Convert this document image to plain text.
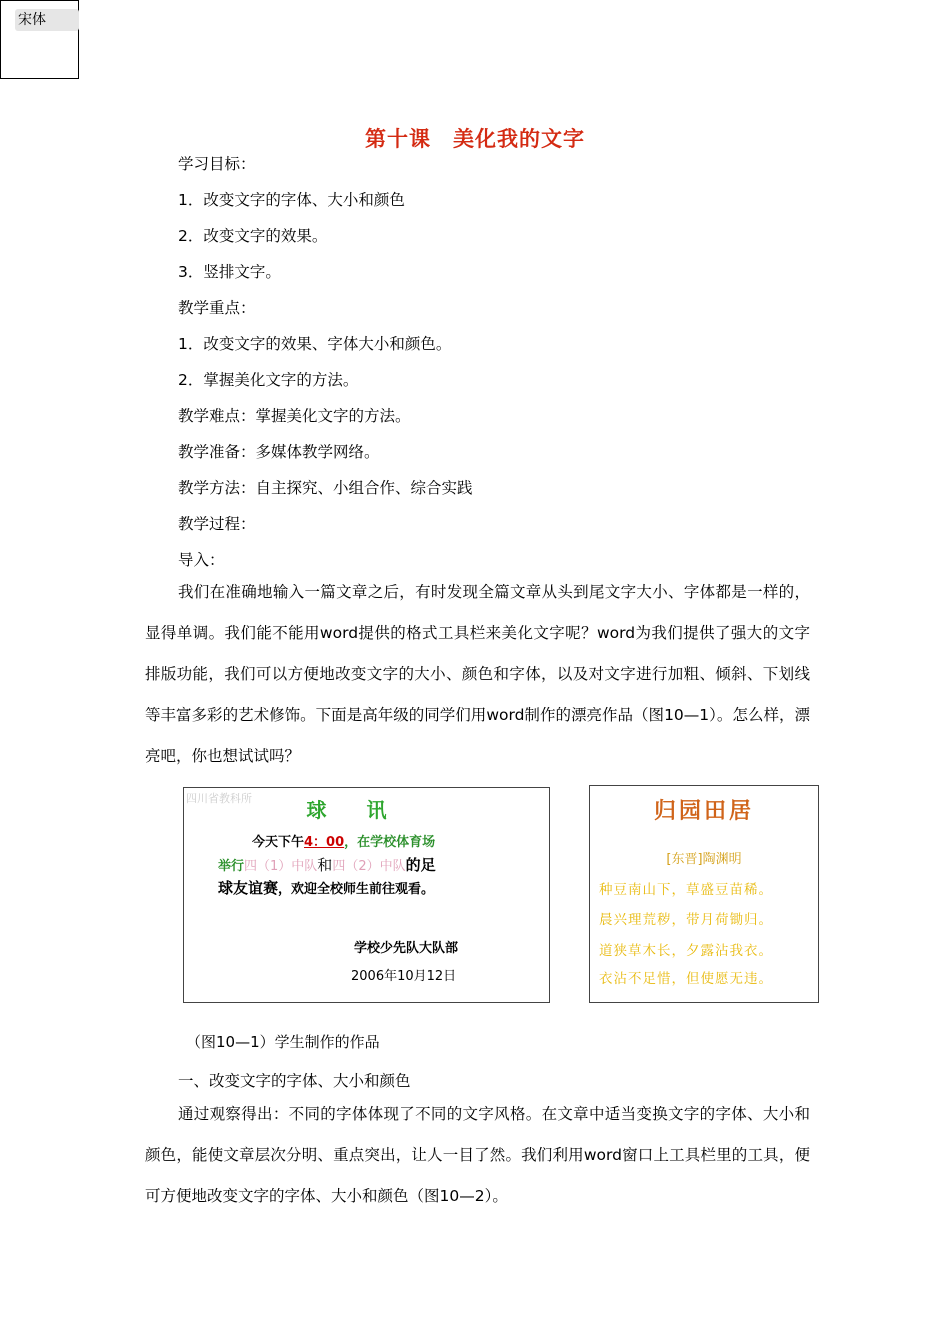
宋体
第十课　美化我的文字
学习目标：
1．改变文字的字体、大小和颜色
2．改变文字的效果。
3．竖排文字。
教学重点：
1．改变文字的效果、字体大小和颜色。
2．掌握美化文字的方法。
教学难点：掌握美化文字的方法。
教学准备：多媒体教学网络。
教学方法：自主探究、小组合作、综合实践
教学过程：
导入：
我们在准确地输入一篇文章之后，有时发现全篇文章从头到尾文字大小、字体都是一样的，显得单调。我们能不能用word提供的格式工具栏来美化文字呢？word为我们提供了强大的文字排版功能，我们可以方便地改变文字的大小、颜色和字体，以及对文字进行加粗、倾斜、下划线等丰富多彩的艺术修饰。下面是高年级的同学们用word制作的漂亮作品（图10—1）。怎么样，漂亮吧，你也想试试吗？
四川省教科所	球讯
今天下午4：00，在学校体育场
举行四（1）中队和四（2）中队的足
球友谊赛，欢迎全校师生前往观看。
学校少先队大队部
2006年10月12日
归园田居
[东晋]陶渊明
种豆南山下，草盛豆苗稀。
晨兴理荒秽，带月荷锄归。
道狭草木长，夕露沾我衣。
衣沾不足惜，但使愿无违。
（图10—1）学生制作的作品
一、改变文字的字体、大小和颜色
通过观察得出：不同的字体体现了不同的文字风格。在文章中适当变换文字的字体、大小和颜色，能使文章层次分明、重点突出，让人一目了然。我们利用word窗口上工具栏里的工具，便可方便地改变文字的字体、大小和颜色（图10—2）。
